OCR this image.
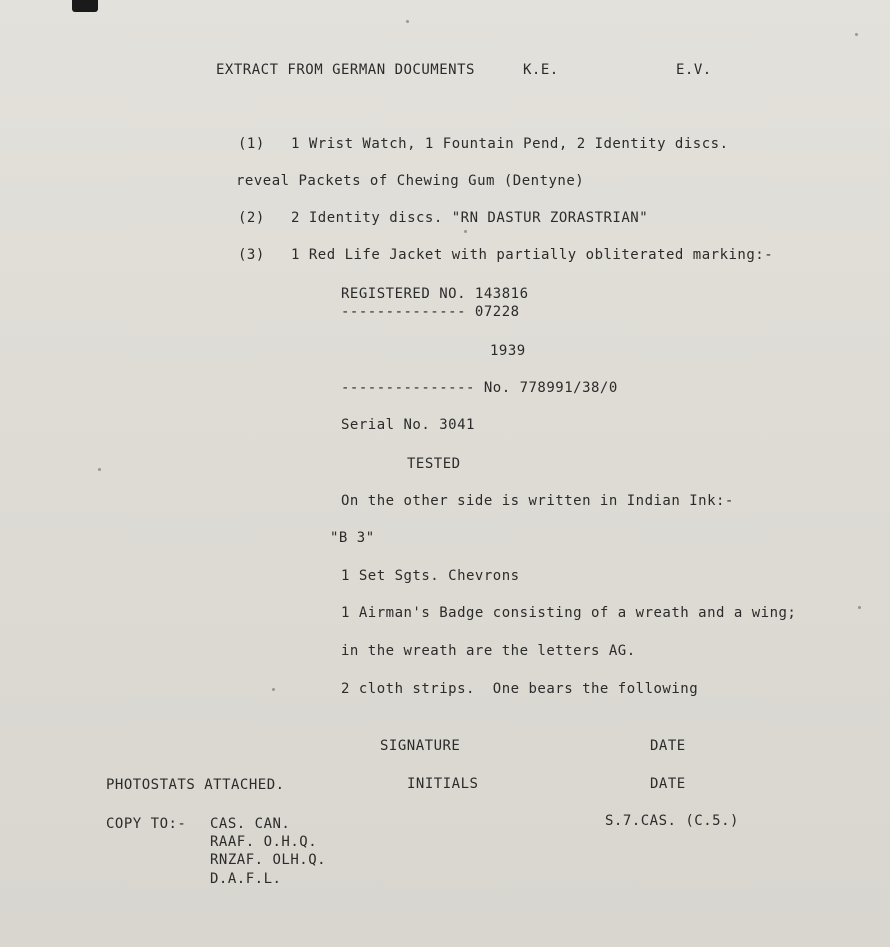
EXTRACT FROM GERMAN DOCUMENTS	K.E.	E.V.

(1) 1 Wrist Watch, 1 Fountain Pend, 2 Identity discs.

reveal Packets of Chewing Gum (Dentyne)

(2) 2 Identity discs. "RN DASTUR ZORASTRIAN"

(3) 1 Red Life Jacket with partially obliterated marking:-

REGISTERED NO. 143816

-------------- 07228

1939

--------------- No. 778991/38/0

Serial No. 3041

TESTED

On the other side is written in Indian Ink:-

"B 3"

1 Set Sgts. Chevrons

1 Airman's Badge consisting of a wreath and a wing;

in the wreath are the letters AG.

2 cloth strips.  One bears the following

SIGNATURE	DATE

PHOTOSTATS ATTACHED.	INITIALS	DATE

COPY TO:- CAS. CAN.

RAAF. O.H.Q.

RNZAF. OLH.Q.

D.A.F.L.

S.7.CAS. (C.5.)
